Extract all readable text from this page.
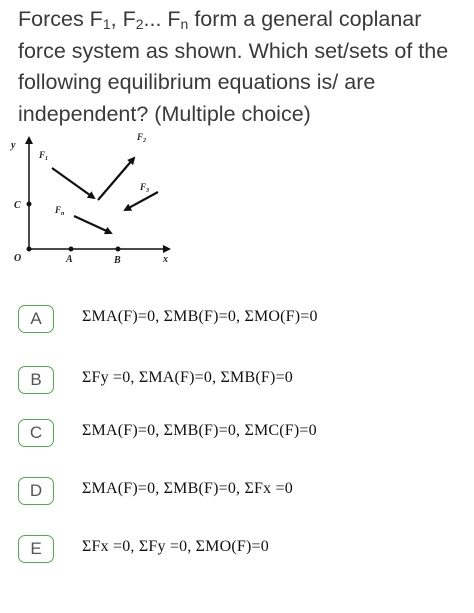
Forces $F_1$, $F_2$... $F_n$ form a general coplanar force system as shown. Which set/sets of the following equilibrium equations is/ are independent? (Multiple choice)
y
x
O
C
A	B
$F_1$
$F_2$
$F_3$
$F_n$
A	ΣMA(F)=0, ΣMB(F)=0, ΣMO(F)=0
B	ΣFy =0, ΣMA(F)=0, ΣMB(F)=0
C	ΣMA(F)=0, ΣMB(F)=0, ΣMC(F)=0
D	ΣMA(F)=0, ΣMB(F)=0, ΣFx =0
E	ΣFx =0, ΣFy =0, ΣMO(F)=0
